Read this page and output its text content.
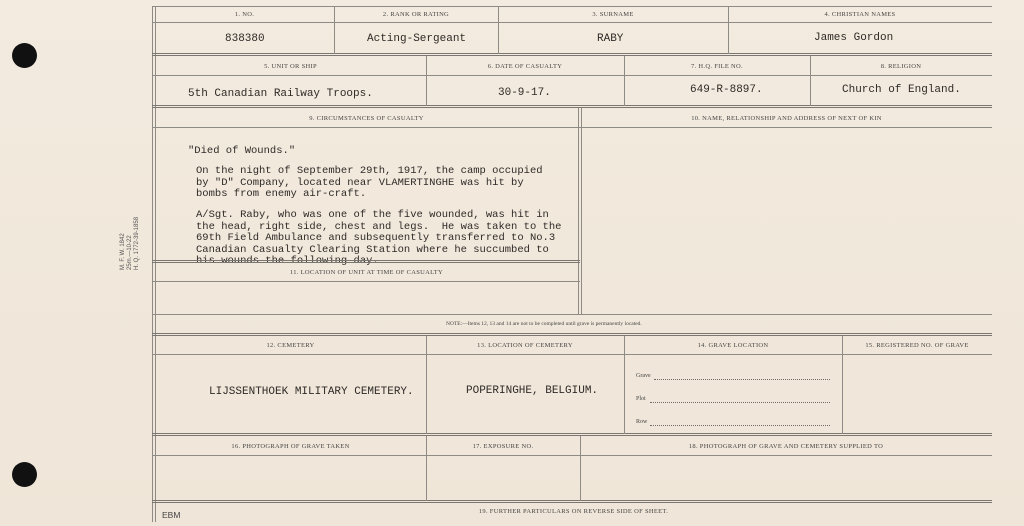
M. F. W. 1842
25m.—10-22
H. Q. 1772-39-1858
1. NO.	2. RANK OR RATING	3. SURNAME	4. CHRISTIAN NAMES
838380	Acting-Sergeant	RABY	James Gordon
5. UNIT OR SHIP	6. DATE OF CASUALTY	7. H.Q. FILE NO.	8. RELIGION
5th Canadian Railway Troops.	30-9-17.	649-R-8897.	Church of England.
9. CIRCUMSTANCES OF CASUALTY	10. NAME, RELATIONSHIP AND ADDRESS OF NEXT OF KIN
"Died of Wounds."
On the night of September 29th, 1917, the camp occupied
by "D" Company, located near VLAMERTINGHE was hit by
bombs from enemy air-craft.
A/Sgt. Raby, who was one of the five wounded, was hit in
the head, right side, chest and legs.  He was taken to the
69th Field Ambulance and subsequently transferred to No.3
Canadian Casualty Clearing Station where he succumbed to
his wounds the following day.
11. LOCATION OF UNIT AT TIME OF CASUALTY
NOTE:—Items 12, 13 and 14 are not to be completed until grave is permanently located.
12. CEMETERY	13. LOCATION OF CEMETERY	14. GRAVE LOCATION	15. REGISTERED NO. OF GRAVE
LIJSSENTHOEK MILITARY CEMETERY.	POPERINGHE, BELGIUM.
Grave
Plot
Row
16. PHOTOGRAPH OF GRAVE TAKEN	17. EXPOSURE NO.	18. PHOTOGRAPH OF GRAVE AND CEMETERY SUPPLIED TO
19. FURTHER PARTICULARS ON REVERSE SIDE OF SHEET.
EBM
